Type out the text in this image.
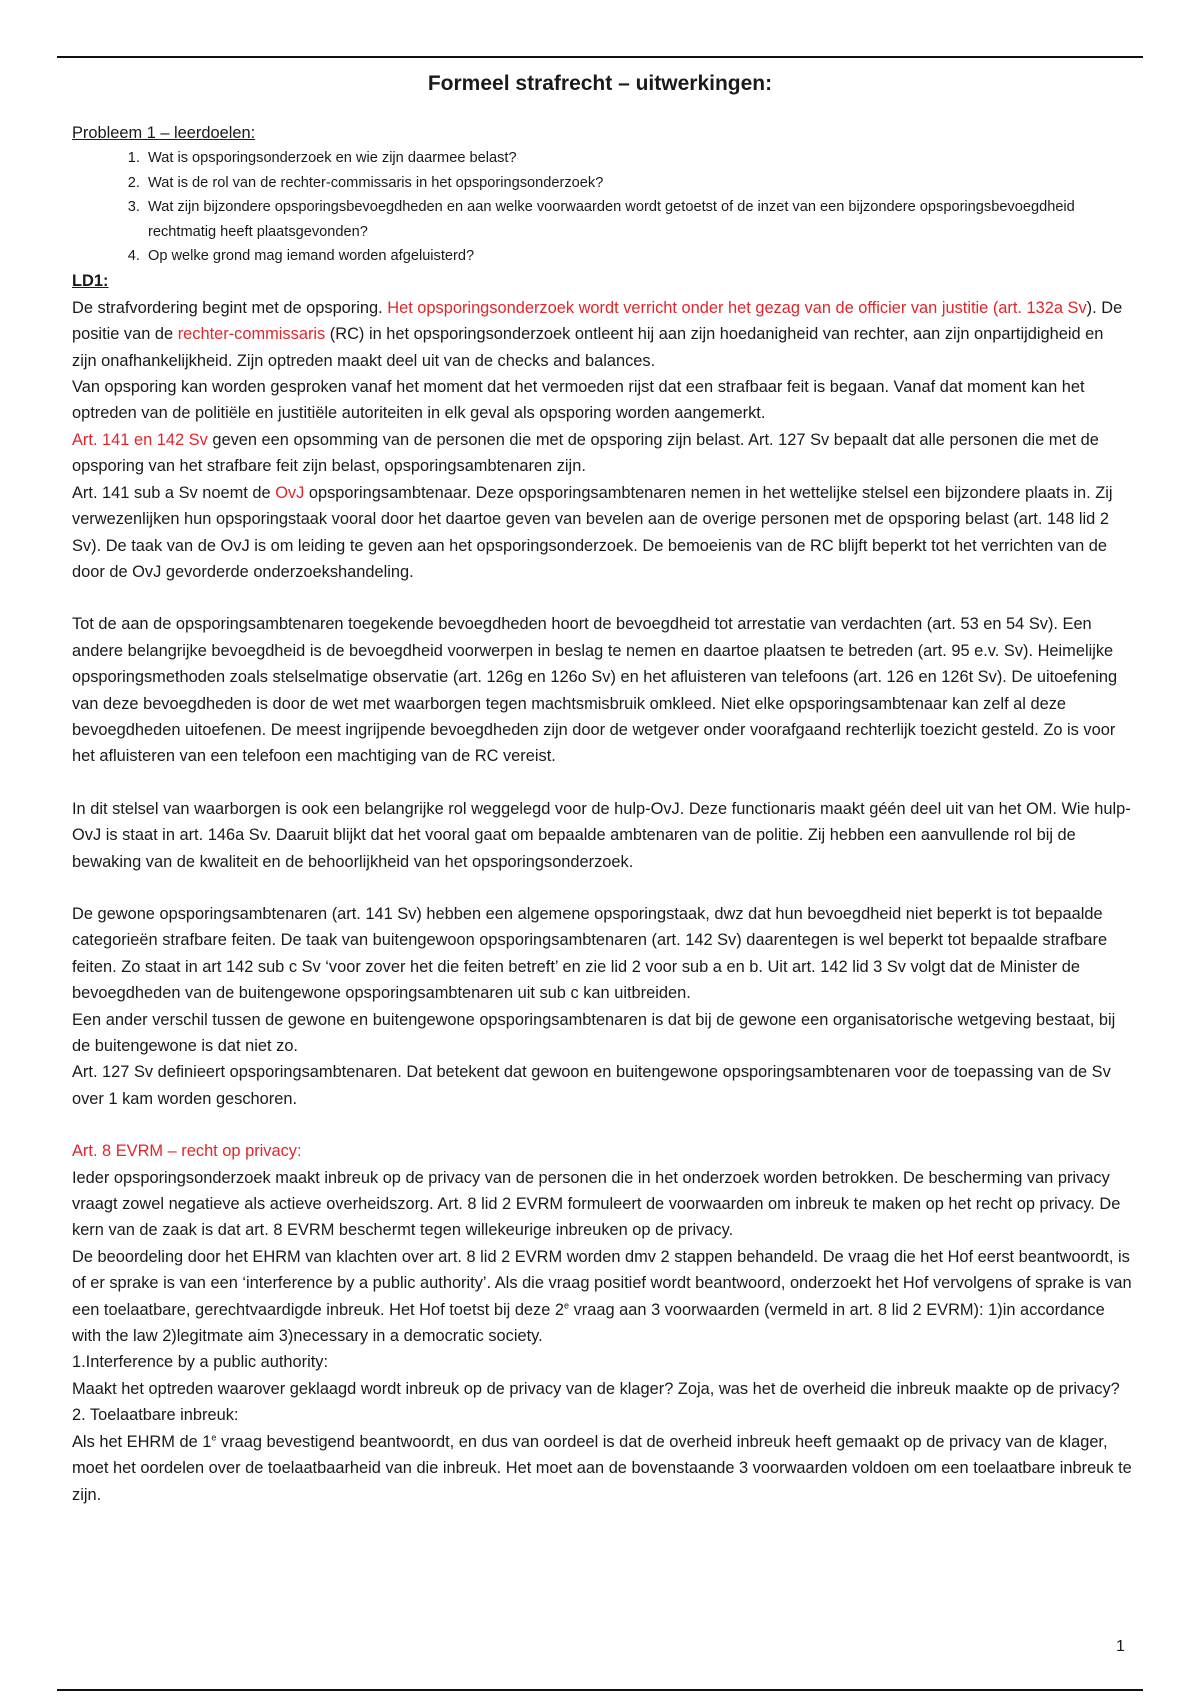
Formeel strafrecht – uitwerkingen:
Probleem 1 – leerdoelen:
1. Wat is opsporingsonderzoek en wie zijn daarmee belast?
2. Wat is de rol van de rechter-commissaris in het opsporingsonderzoek?
3. Wat zijn bijzondere opsporingsbevoegdheden en aan welke voorwaarden wordt getoetst of de inzet van een bijzondere opsporingsbevoegdheid rechtmatig heeft plaatsgevonden?
4. Op welke grond mag iemand worden afgeluisterd?
LD1:

De strafvordering begint met de opsporing. Het opsporingsonderzoek wordt verricht onder het gezag van de officier van justitie (art. 132a Sv). De positie van de rechter-commissaris (RC) in het opsporingsonderzoek ontleent hij aan zijn hoedanigheid van rechter, aan zijn onpartijdigheid en zijn onafhankelijkheid. Zijn optreden maakt deel uit van de checks and balances.

Van opsporing kan worden gesproken vanaf het moment dat het vermoeden rijst dat een strafbaar feit is begaan. Vanaf dat moment kan het optreden van de politiële en justitiële autoriteiten in elk geval als opsporing worden aangemerkt.

Art. 141 en 142 Sv geven een opsomming van de personen die met de opsporing zijn belast. Art. 127 Sv bepaalt dat alle personen die met de opsporing van het strafbare feit zijn belast, opsporingsambtenaren zijn.

Art. 141 sub a Sv noemt de OvJ opsporingsambtenaar. Deze opsporingsambtenaren nemen in het wettelijke stelsel een bijzondere plaats in. Zij verwezenlijken hun opsporingstaak vooral door het daartoe geven van bevelen aan de overige personen met de opsporing belast (art. 148 lid 2 Sv). De taak van de OvJ is om leiding te geven aan het opsporingsonderzoek. De bemoeienis van de RC blijft beperkt tot het verrichten van de door de OvJ gevorderde onderzoekshandeling.

Tot de aan de opsporingsambtenaren toegekende bevoegdheden hoort de bevoegdheid tot arrestatie van verdachten (art. 53 en 54 Sv). Een andere belangrijke bevoegdheid is de bevoegdheid voorwerpen in beslag te nemen en daartoe plaatsen te betreden (art. 95 e.v. Sv). Heimelijke opsporingsmethoden zoals stelselmatige observatie (art. 126g en 126o Sv) en het afluisteren van telefoons (art. 126 en 126t Sv). De uitoefening van deze bevoegdheden is door de wet met waarborgen tegen machtsmisbruik omkleed. Niet elke opsporingsambtenaar kan zelf al deze bevoegdheden uitoefenen. De meest ingrijpende bevoegdheden zijn door de wetgever onder voorafgaand rechterlijk toezicht gesteld. Zo is voor het afluisteren van een telefoon een machtiging van de RC vereist.

In dit stelsel van waarborgen is ook een belangrijke rol weggelegd voor de hulp-OvJ. Deze functionaris maakt géén deel uit van het OM. Wie hulp-OvJ is staat in art. 146a Sv. Daaruit blijkt dat het vooral gaat om bepaalde ambtenaren van de politie. Zij hebben een aanvullende rol bij de bewaking van de kwaliteit en de behoorlijkheid van het opsporingsonderzoek.

De gewone opsporingsambtenaren (art. 141 Sv) hebben een algemene opsporingstaak, dwz dat hun bevoegdheid niet beperkt is tot bepaalde categorieën strafbare feiten. De taak van buitengewoon opsporingsambtenaren (art. 142 Sv) daarentegen is wel beperkt tot bepaalde strafbare feiten. Zo staat in art 142 sub c Sv ‘voor zover het die feiten betreft’ en zie lid 2 voor sub a en b. Uit art. 142 lid 3 Sv volgt dat de Minister de bevoegdheden van de buitengewone opsporingsambtenaren uit sub c kan uitbreiden.

Een ander verschil tussen de gewone en buitengewone opsporingsambtenaren is dat bij de gewone een organisatorische wetgeving bestaat, bij de buitengewone is dat niet zo.

Art. 127 Sv definieert opsporingsambtenaren. Dat betekent dat gewoon en buitengewone opsporingsambtenaren voor de toepassing van de Sv over 1 kam worden geschoren.

Art. 8 EVRM – recht op privacy:

Ieder opsporingsonderzoek maakt inbreuk op de privacy van de personen die in het onderzoek worden betrokken. De bescherming van privacy vraagt zowel negatieve als actieve overheidszorg. Art. 8 lid 2 EVRM formuleert de voorwaarden om inbreuk te maken op het recht op privacy. De kern van de zaak is dat art. 8 EVRM beschermt tegen willekeurige inbreuken op de privacy.

De beoordeling door het EHRM van klachten over art. 8 lid 2 EVRM worden dmv 2 stappen behandeld. De vraag die het Hof eerst beantwoordt, is of er sprake is van een ‘interference by a public authority’. Als die vraag positief wordt beantwoord, onderzoekt het Hof vervolgens of sprake is van een toelaatbare, gerechtvaardigde inbreuk. Het Hof toetst bij deze 2e vraag aan 3 voorwaarden (vermeld in art. 8 lid 2 EVRM): 1)in accordance with the law 2)legitmate aim 3)necessary in a democratic society.

1.Interference by a public authority:

Maakt het optreden waarover geklaagd wordt inbreuk op de privacy van de klager? Zoja, was het de overheid die inbreuk maakte op de privacy?

2. Toelaatbare inbreuk:

Als het EHRM de 1e vraag bevestigend beantwoordt, en dus van oordeel is dat de overheid inbreuk heeft gemaakt op de privacy van de klager, moet het oordelen over de toelaatbaarheid van die inbreuk. Het moet aan de bovenstaande 3 voorwaarden voldoen om een toelaatbare inbreuk te zijn.

1
